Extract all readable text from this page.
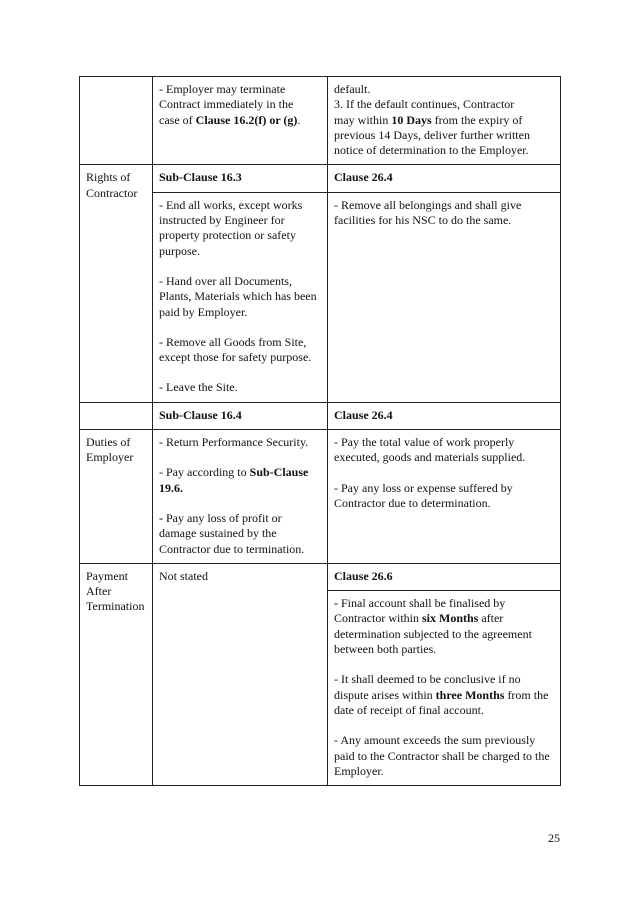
	- Employer may terminate
Contract immediately in the
case of Clause 16.2(f) or (g).	default.
3. If the default continues, Contractor
may within 10 Days from the expiry of
previous 14 Days, deliver further written
notice of determination to the Employer.
Rights of Contractor	Sub-Clause 16.3	Clause 26.4
	- End all works, except works instructed by Engineer for property protection or safety purpose.
- Hand over all Documents, Plants, Materials which has been paid by Employer.
- Remove all Goods from Site, except those for safety purpose.
- Leave the Site.	- Remove all belongings and shall give facilities for his NSC to do the same.
	Sub-Clause 16.4	Clause 26.4
Duties of Employer	- Return Performance Security.
- Pay according to Sub-Clause 19.6.
- Pay any loss of profit or damage sustained by the Contractor due to termination.	- Pay the total value of work properly executed, goods and materials supplied.
- Pay any loss or expense suffered by Contractor due to determination.
Payment
After
Termination	Not stated	Clause 26.6
		- Final account shall be finalised by Contractor within six Months after determination subjected to the agreement between both parties.
- It shall deemed to be conclusive if no dispute arises within three Months from the date of receipt of final account.
- Any amount exceeds the sum previously paid to the Contractor shall be charged to the Employer.
25
